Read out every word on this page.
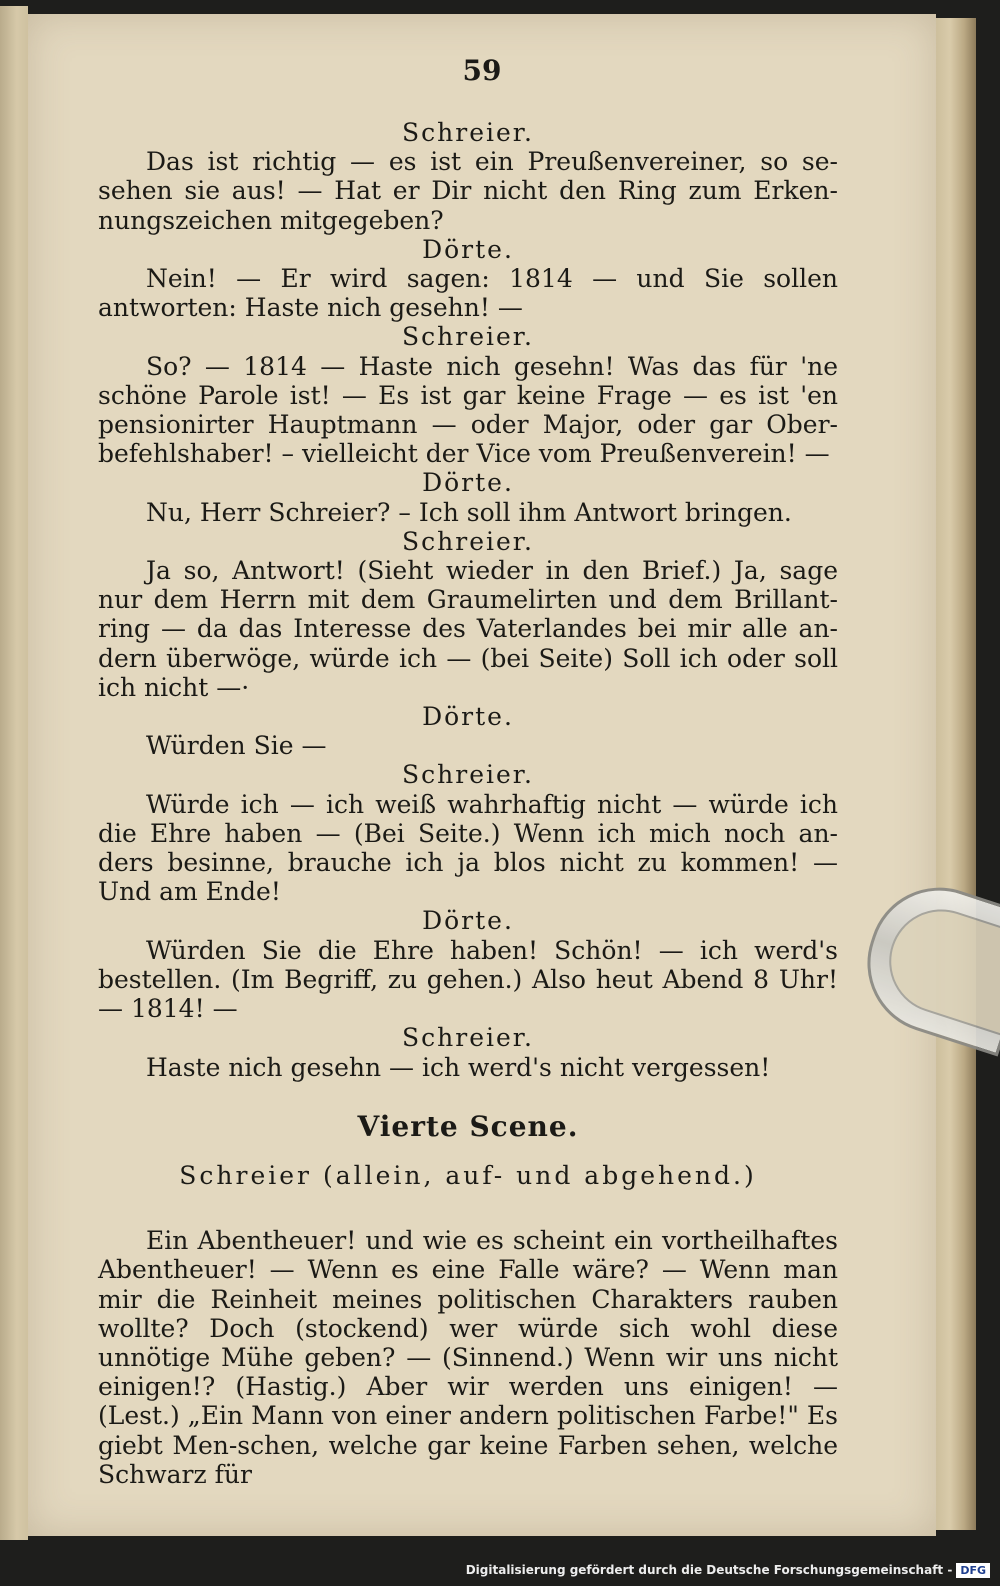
59
Schreier.
Das ist richtig — es ist ein Preußenvereiner, so se-sehen sie aus! — Hat er Dir nicht den Ring zum Erken-nungszeichen mitgegeben?
Dörte.
Nein! — Er wird sagen: 1814 — und Sie sollen antworten: Haste nich gesehn! —
Schreier.
So? — 1814 — Haste nich gesehn! Was das für 'ne schöne Parole ist! — Es ist gar keine Frage — es ist 'en pensionirter Hauptmann — oder Major, oder gar Ober-befehlshaber! – vielleicht der Vice vom Preußenverein! —
Dörte.
Nu, Herr Schreier? – Ich soll ihm Antwort bringen.
Schreier.
Ja so, Antwort! (Sieht wieder in den Brief.) Ja, sage nur dem Herrn mit dem Graumelirten und dem Brillant-ring — da das Interesse des Vaterlandes bei mir alle an-dern überwöge, würde ich — (bei Seite) Soll ich oder soll ich nicht —·
Dörte.
Würden Sie —
Schreier.
Würde ich — ich weiß wahrhaftig nicht — würde ich die Ehre haben — (Bei Seite.) Wenn ich mich noch an-ders besinne, brauche ich ja blos nicht zu kommen! — Und am Ende!
Dörte.
Würden Sie die Ehre haben! Schön! — ich werd's bestellen. (Im Begriff, zu gehen.) Also heut Abend 8 Uhr! — 1814! —
Schreier.
Haste nich gesehn — ich werd's nicht vergessen!
Vierte Scene.
Schreier (allein, auf- und abgehend.)
Ein Abentheuer! und wie es scheint ein vortheilhaftes Abentheuer! — Wenn es eine Falle wäre? — Wenn man mir die Reinheit meines politischen Charakters rauben wollte? Doch (stockend) wer würde sich wohl diese unnötige Mühe geben? — (Sinnend.) Wenn wir uns nicht einigen!? (Hastig.) Aber wir werden uns einigen! — (Lest.) „Ein Mann von einer andern politischen Farbe!" Es giebt Men-schen, welche gar keine Farben sehen, welche Schwarz für
Digitalisierung gefördert durch die Deutsche Forschungsgemeinschaft - DFG
